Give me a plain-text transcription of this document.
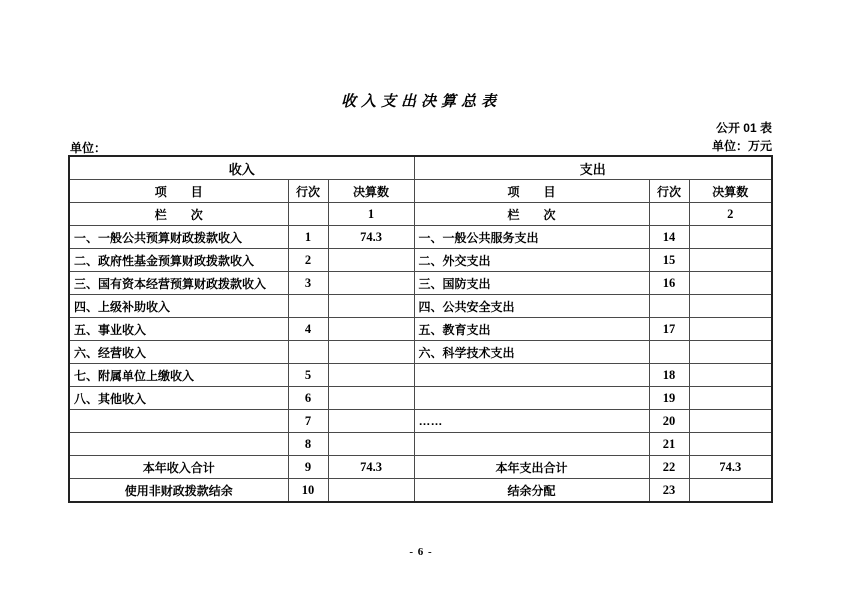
收入支出决算总表
公开 01 表
单位：万元
单位：
收入			支出		
项　　目	行次	决算数	项　　目	行次	决算数
栏　　次		1	栏　　次		2
一、一般公共预算财政拨款收入	1	74.3	一、一般公共服务支出	14	
二、政府性基金预算财政拨款收入	2		二、外交支出	15	
三、国有资本经营预算财政拨款收入	3		三、国防支出	16	
四、上级补助收入			四、公共安全支出		
五、事业收入	4		五、教育支出	17	
六、经营收入			六、科学技术支出		
七、附属单位上缴收入	5			18	
八、其他收入	6			19	
	7		……	20	
	8			21	
本年收入合计	9	74.3	本年支出合计	22	74.3
使用非财政拨款结余	10		结余分配	23	
- 6 -
